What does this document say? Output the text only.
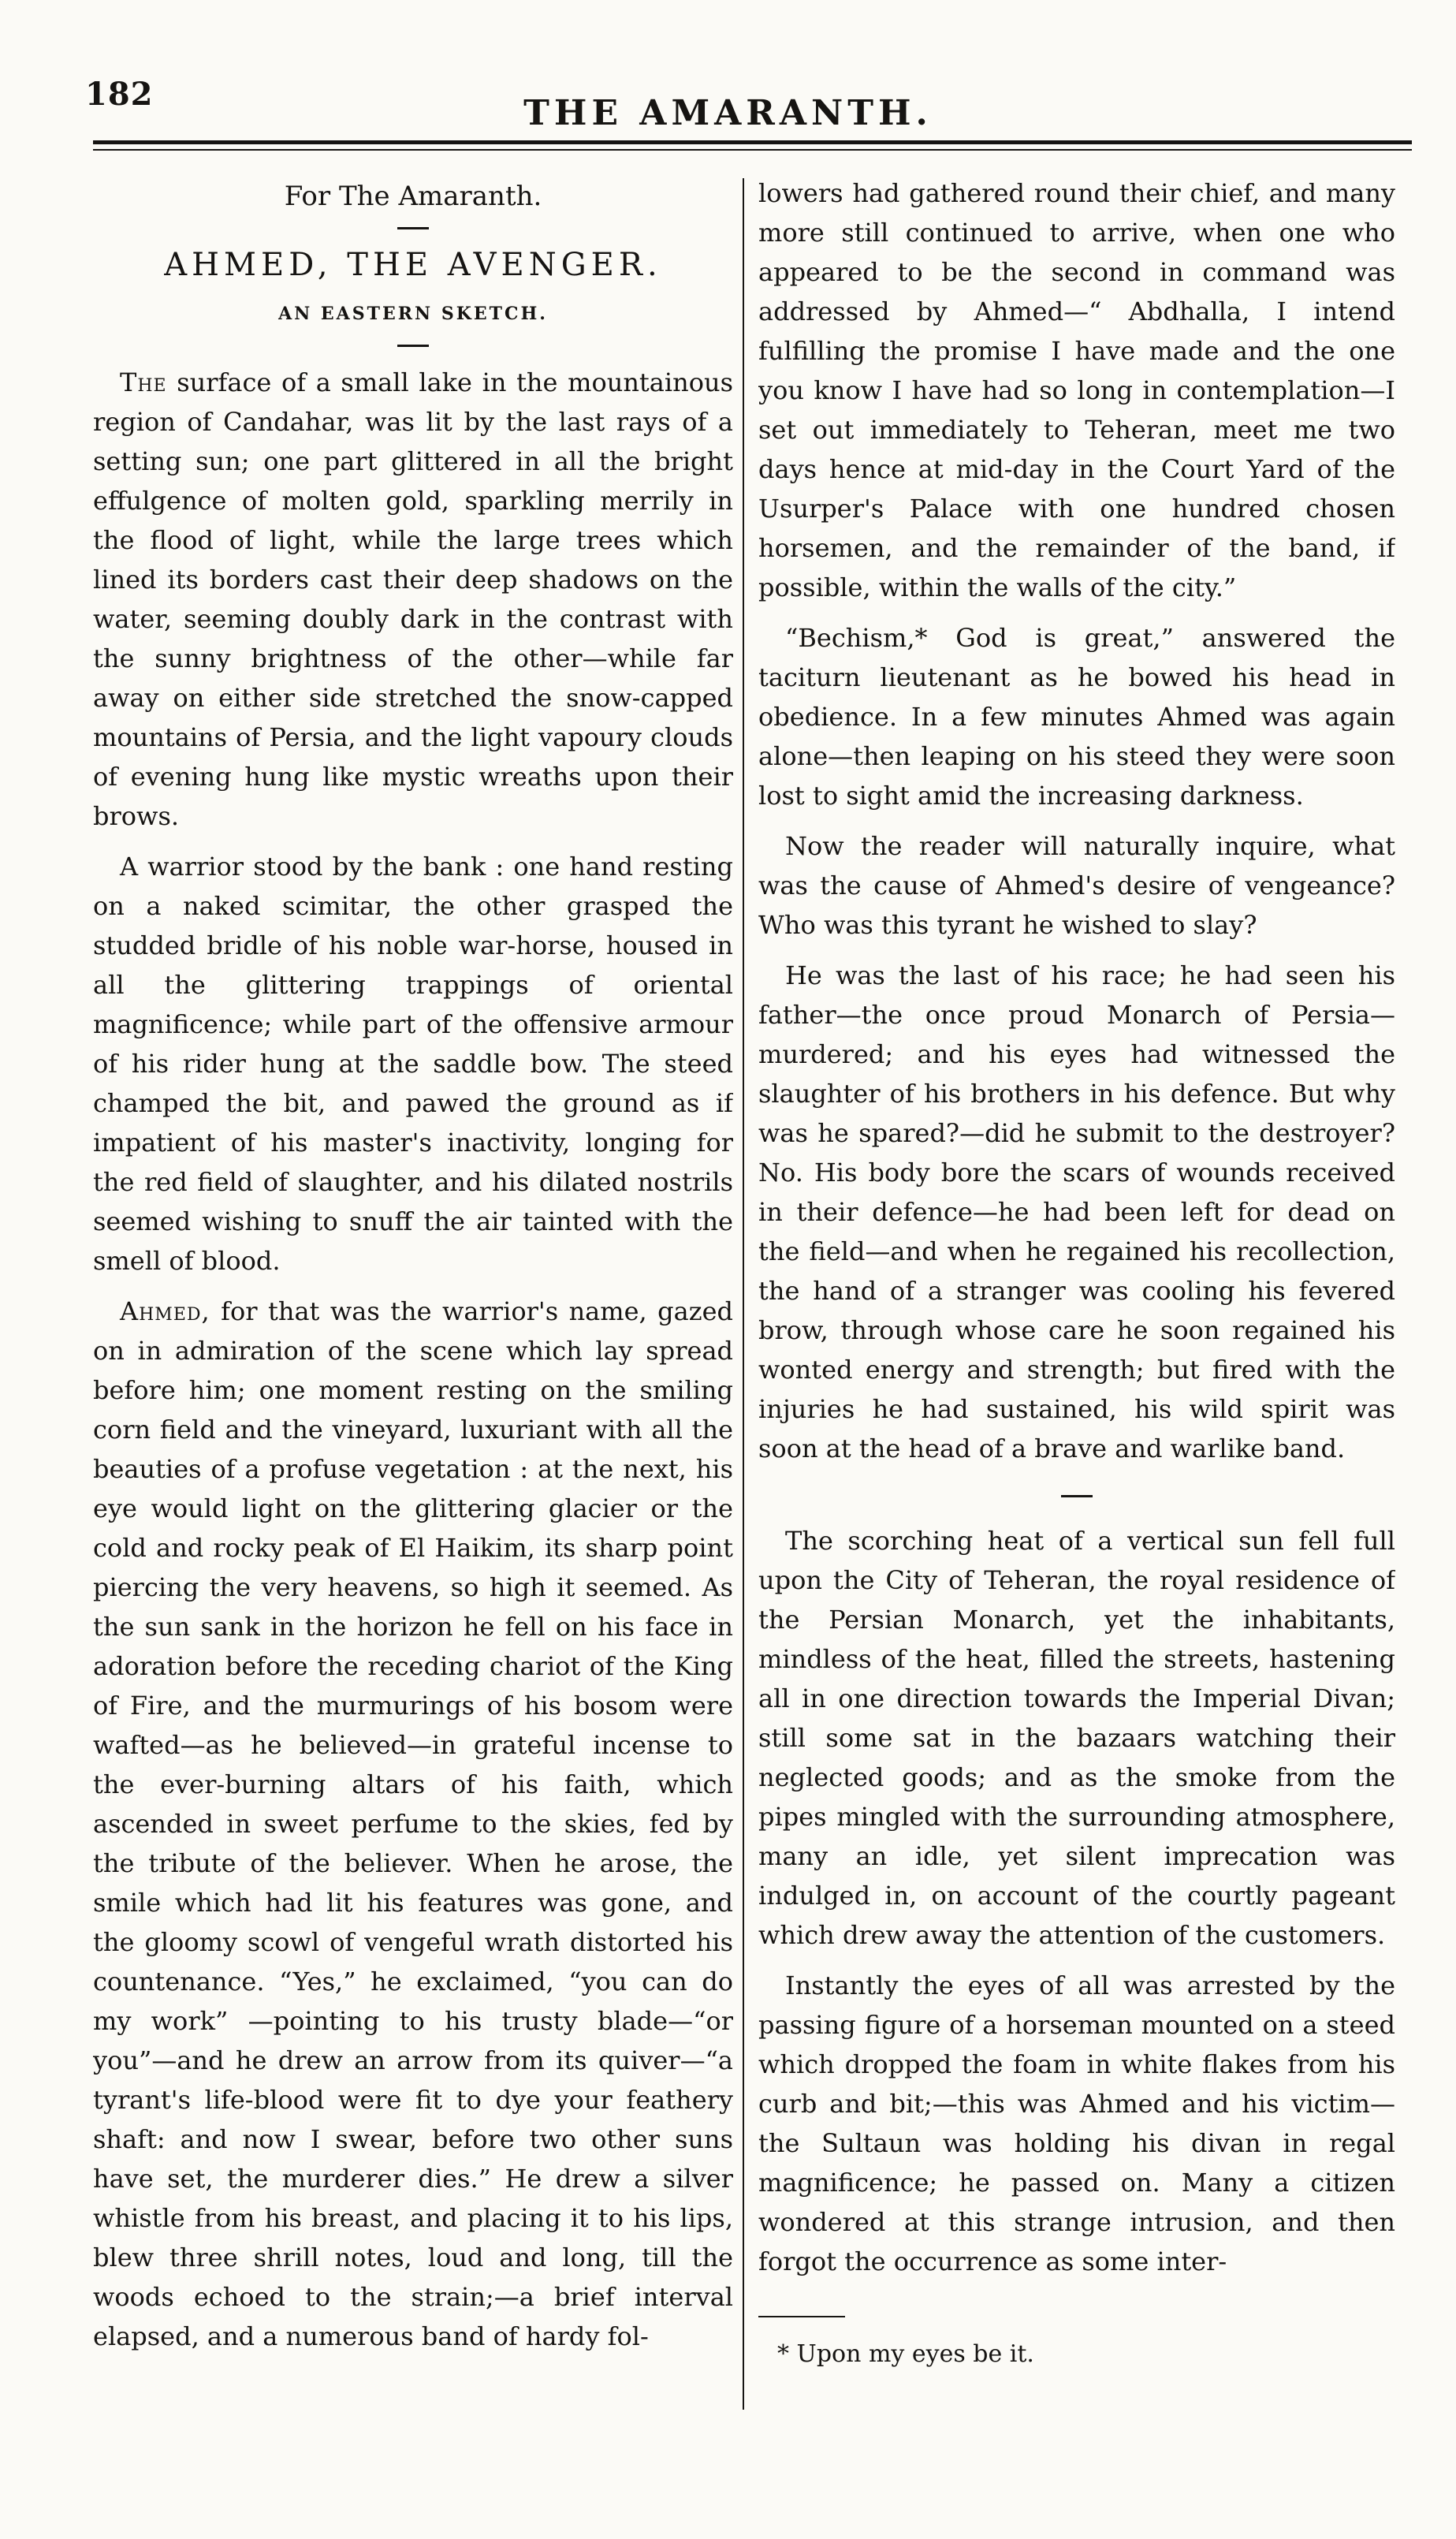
182	THE AMARANTH.

For The Amaranth.

AHMED, THE AVENGER.

AN EASTERN SKETCH.

The surface of a small lake in the mountainous region of Candahar, was lit by the last rays of a setting sun; one part glittered in all the bright effulgence of molten gold, sparkling merrily in the flood of light, while the large trees which lined its borders cast their deep shadows on the water, seeming doubly dark in the contrast with the sunny brightness of the other—while far away on either side stretched the snow-capped mountains of Persia, and the light vapoury clouds of evening hung like mystic wreaths upon their brows.

A warrior stood by the bank : one hand resting on a naked scimitar, the other grasped the studded bridle of his noble war-horse, housed in all the glittering trappings of oriental magnificence; while part of the offensive armour of his rider hung at the saddle bow. The steed champed the bit, and pawed the ground as if impatient of his master's inactivity, longing for the red field of slaughter, and his dilated nostrils seemed wishing to snuff the air tainted with the smell of blood.

Ahmed, for that was the warrior's name, gazed on in admiration of the scene which lay spread before him; one moment resting on the smiling corn field and the vineyard, luxuriant with all the beauties of a profuse vegetation : at the next, his eye would light on the glittering glacier or the cold and rocky peak of El Haikim, its sharp point piercing the very heavens, so high it seemed. As the sun sank in the horizon he fell on his face in adoration before the receding chariot of the King of Fire, and the murmurings of his bosom were wafted—as he believed—in grateful incense to the ever-burning altars of his faith, which ascended in sweet perfume to the skies, fed by the tribute of the believer. When he arose, the smile which had lit his features was gone, and the gloomy scowl of vengeful wrath distorted his countenance. “Yes,” he exclaimed, “you can do my work” —pointing to his trusty blade—“or you”—and he drew an arrow from its quiver—“a tyrant's life-blood were fit to dye your feathery shaft: and now I swear, before two other suns have set, the murderer dies.” He drew a silver whistle from his breast, and placing it to his lips, blew three shrill notes, loud and long, till the woods echoed to the strain;—a brief interval elapsed, and a numerous band of hardy fol-

lowers had gathered round their chief, and many more still continued to arrive, when one who appeared to be the second in command was addressed by Ahmed—“ Abdhalla, I intend fulfilling the promise I have made and the one you know I have had so long in contemplation—I set out immediately to Teheran, meet me two days hence at mid-day in the Court Yard of the Usurper's Palace with one hundred chosen horsemen, and the remainder of the band, if possible, within the walls of the city.”

“Bechism,* God is great,” answered the taciturn lieutenant as he bowed his head in obedience. In a few minutes Ahmed was again alone—then leaping on his steed they were soon lost to sight amid the increasing darkness.

Now the reader will naturally inquire, what was the cause of Ahmed's desire of vengeance? Who was this tyrant he wished to slay?

He was the last of his race; he had seen his father—the once proud Monarch of Persia—murdered; and his eyes had witnessed the slaughter of his brothers in his defence. But why was he spared?—did he submit to the destroyer? No. His body bore the scars of wounds received in their defence—he had been left for dead on the field—and when he regained his recollection, the hand of a stranger was cooling his fevered brow, through whose care he soon regained his wonted energy and strength; but fired with the injuries he had sustained, his wild spirit was soon at the head of a brave and warlike band.

The scorching heat of a vertical sun fell full upon the City of Teheran, the royal residence of the Persian Monarch, yet the inhabitants, mindless of the heat, filled the streets, hastening all in one direction towards the Imperial Divan; still some sat in the bazaars watching their neglected goods; and as the smoke from the pipes mingled with the surrounding atmosphere, many an idle, yet silent imprecation was indulged in, on account of the courtly pageant which drew away the attention of the customers.

Instantly the eyes of all was arrested by the passing figure of a horseman mounted on a steed which dropped the foam in white flakes from his curb and bit;—this was Ahmed and his victim—the Sultaun was holding his divan in regal magnificence; he passed on. Many a citizen wondered at this strange intrusion, and then forgot the occurrence as some inter-

* Upon my eyes be it.
